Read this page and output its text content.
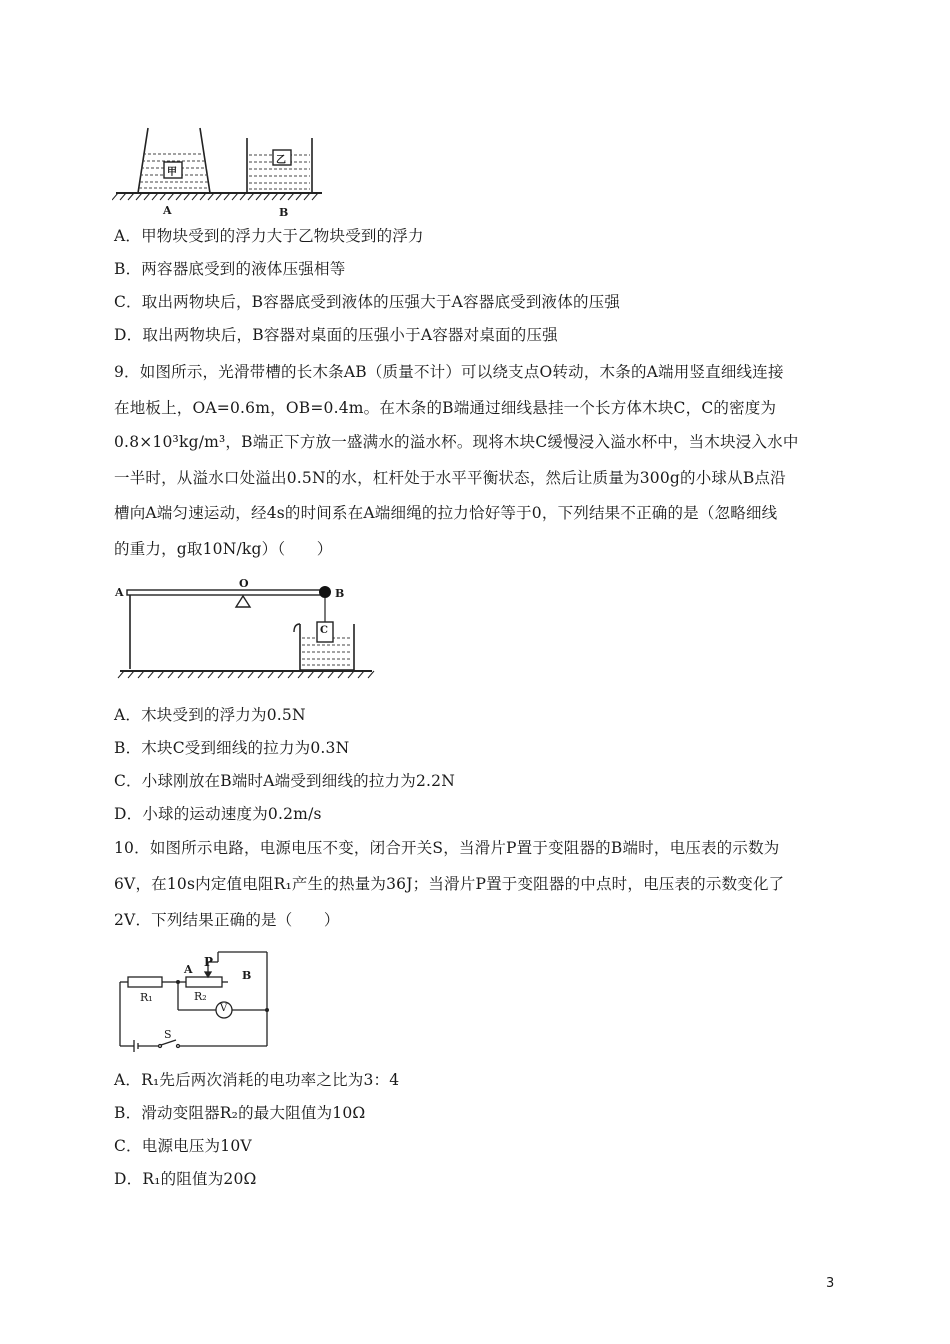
甲
乙
A	B
A．甲物块受到的浮力大于乙物块受到的浮力
B．两容器底受到的液体压强相等
C．取出两物块后，B容器底受到液体的压强大于A容器底受到液体的压强
D．取出两物块后，B容器对桌面的压强小于A容器对桌面的压强
9．如图所示，光滑带槽的长木条AB（质量不计）可以绕支点O转动，木条的A端用竖直细线连接
在地板上，OA=0.6m，OB=0.4m。在木条的B端通过细线悬挂一个长方体木块C，C的密度为
0.8×10³kg/m³，B端正下方放一盛满水的溢水杯。现将木块C缓慢浸入溢水杯中，当木块浸入水中
一半时，从溢水口处溢出0.5N的水，杠杆处于水平平衡状态，然后让质量为300g的小球从B点沿
槽向A端匀速运动，经4s的时间系在A端细绳的拉力恰好等于0，下列结果不正确的是（忽略细线
的重力，g取10N/kg）（　　）
A
O
B
C
A．木块受到的浮力为0.5N
B．木块C受到细线的拉力为0.3N
C．小球刚放在B端时A端受到细线的拉力为2.2N
D．小球的运动速度为0.2m/s
10．如图所示电路，电源电压不变，闭合开关S，当滑片P置于变阻器的B端时，电压表的示数为
6V，在10s内定值电阻R₁产生的热量为36J；当滑片P置于变阻器的中点时，电压表的示数变化了
2V．下列结果正确的是（　　）
A
P
B
R₁	R₂
V
S
A．R₁先后两次消耗的电功率之比为3：4
B．滑动变阻器R₂的最大阻值为10Ω
C．电源电压为10V
D．R₁的阻值为20Ω
3
